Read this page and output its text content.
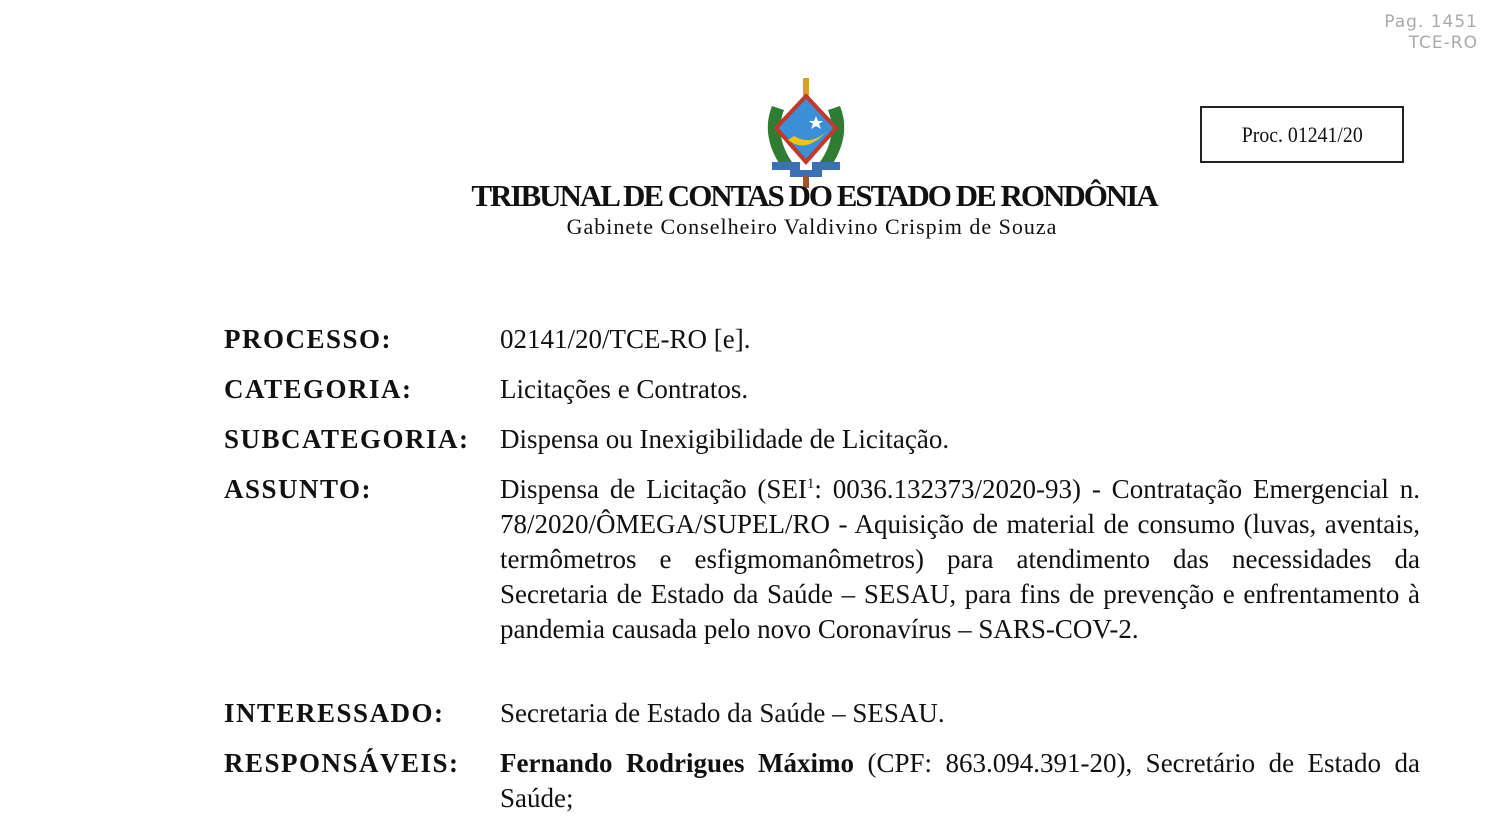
Pag. 1451
TCE-RO
Proc. 01241/20
TRIBUNAL DE CONTAS DO ESTADO DE RONDÔNIA
Gabinete Conselheiro Valdivino Crispim de Souza
PROCESSO:	02141/20/TCE-RO [e].
CATEGORIA:	Licitações e Contratos.
SUBCATEGORIA:	Dispensa ou Inexigibilidade de Licitação.
ASSUNTO:	Dispensa de Licitação (SEI$^1$: 0036.132373/2020-93) - Contratação Emergencial n. 78/2020/ÔMEGA/SUPEL/RO - Aquisição de material de consumo (luvas, aventais, termômetros e esfigmomanômetros) para atendimento das necessidades da Secretaria de Estado da Saúde – SESAU, para fins de prevenção e enfrentamento à pandemia causada pelo novo Coronavírus – SARS-COV-2.
INTERESSADO:	Secretaria de Estado da Saúde – SESAU.
RESPONSÁVEIS:	Fernando Rodrigues Máximo (CPF: 863.094.391-20), Secretário de Estado da Saúde;
